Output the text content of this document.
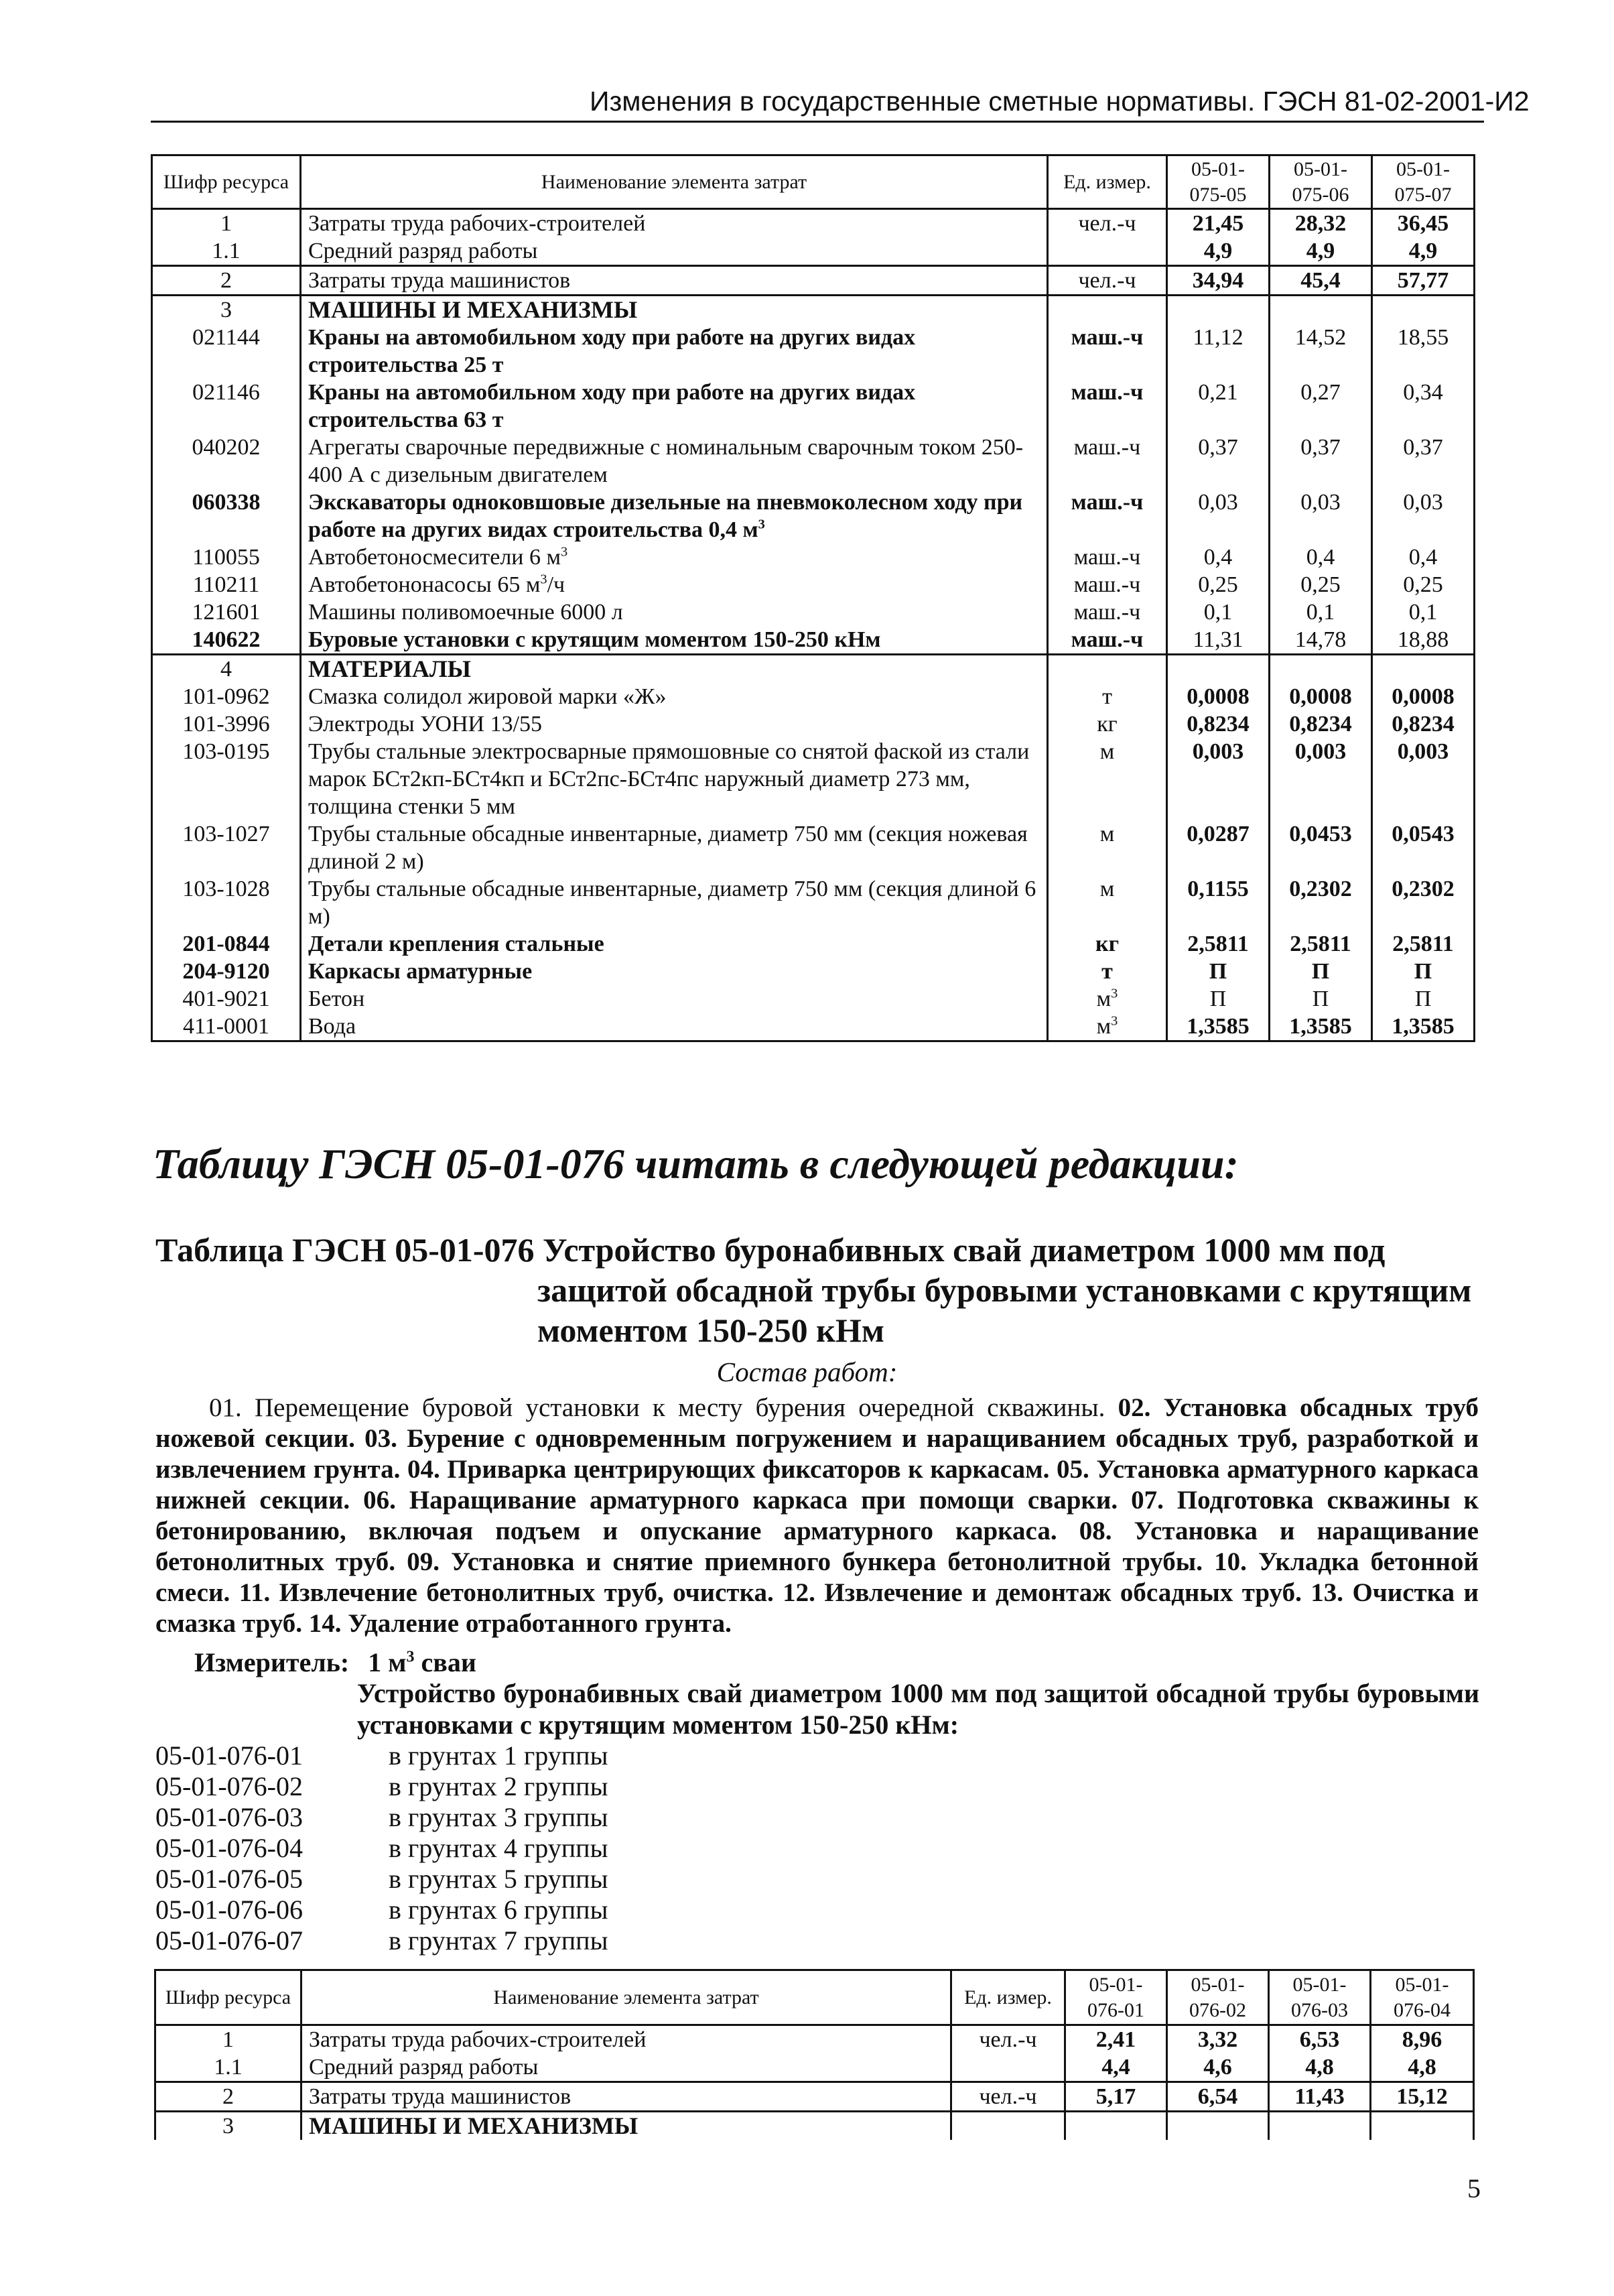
Изменения в государственные сметные нормативы. ГЭСН 81-02-2001-И2
Шифр ресурса	Наименование элемента затрат	Ед. измер.	05-01-075-05	05-01-075-06	05-01-075-07
1	Затраты труда рабочих-строителей	чел.-ч	21,45	28,32	36,45
1.1	Средний разряд работы		4,9	4,9	4,9
2	Затраты труда машинистов	чел.-ч	34,94	45,4	57,77
3	МАШИНЫ И МЕХАНИЗМЫ				
021144	Краны на автомобильном ходу при работе на других видах строительства 25 т	маш.-ч	11,12	14,52	18,55
021146	Краны на автомобильном ходу при работе на других видах строительства 63 т	маш.-ч	0,21	0,27	0,34
040202	Агрегаты сварочные передвижные с номинальным сварочным током 250-400 А с дизельным двигателем	маш.-ч	0,37	0,37	0,37
060338	Экскаваторы одноковшовые дизельные на пневмоколесном ходу при работе на других видах строительства 0,4 $м^3$	маш.-ч	0,03	0,03	0,03
110055	Автобетоносмесители 6 $м^3$	маш.-ч	0,4	0,4	0,4
110211	Автобетононасосы 65 $м^3/ч$	маш.-ч	0,25	0,25	0,25
121601	Машины поливомоечные 6000 л	маш.-ч	0,1	0,1	0,1
140622	Буровые установки с крутящим моментом 150-250 кНм	маш.-ч	11,31	14,78	18,88
4	МАТЕРИАЛЫ				
101-0962	Смазка солидол жировой марки «Ж»	т	0,0008	0,0008	0,0008
101-3996	Электроды УОНИ 13/55	кг	0,8234	0,8234	0,8234
103-0195	Трубы стальные электросварные прямошовные со снятой фаской из стали марок БСт2кп-БСт4кп и БСт2пс-БСт4пс наружный диаметр 273 мм, толщина стенки 5 мм	м	0,003	0,003	0,003
103-1027	Трубы стальные обсадные инвентарные, диаметр 750 мм (секция ножевая длиной 2 м)	м	0,0287	0,0453	0,0543
103-1028	Трубы стальные обсадные инвентарные, диаметр 750 мм (секция длиной 6 м)	м	0,1155	0,2302	0,2302
201-0844	Детали крепления стальные	кг	2,5811	2,5811	2,5811
204-9120	Каркасы арматурные	т	П	П	П
401-9021	Бетон	$м^3$	П	П	П
411-0001	Вода	$м^3$	1,3585	1,3585	1,3585
Таблицу ГЭСН 05-01-076 читать в следующей редакции:
Таблица ГЭСН 05-01-076 Устройство буронабивных свай диаметром 1000 мм под
защитой обсадной трубы буровыми установками с крутящим
моментом 150-250 кНм
Состав работ:
01. Перемещение буровой установки к месту бурения очередной скважины. 02. Установка обсадных труб ножевой секции. 03. Бурение с одновременным погружением и наращиванием обсадных труб, разработкой и извлечением грунта. 04. Приварка центрирующих фиксаторов к каркасам. 05. Установка арматурного каркаса нижней секции. 06. Наращивание арматурного каркаса при помощи сварки. 07. Подготовка скважины к бетонированию, включая подъем и опускание арматурного каркаса. 08. Установка и наращивание бетонолитных труб. 09. Установка и снятие приемного бункера бетонолитной трубы. 10. Укладка бетонной смеси. 11. Извлечение бетонолитных труб, очистка. 12. Извлечение и демонтаж обсадных труб. 13. Очистка и смазка труб. 14. Удаление отработанного грунта.
Измеритель: 1 $м^3$ сваи
Устройство буронабивных свай диаметром 1000 мм под защитой обсадной трубы буровыми установками с крутящим моментом 150-250 кНм:
05-01-076-01	в грунтах 1 группы
05-01-076-02	в грунтах 2 группы
05-01-076-03	в грунтах 3 группы
05-01-076-04	в грунтах 4 группы
05-01-076-05	в грунтах 5 группы
05-01-076-06	в грунтах 6 группы
05-01-076-07	в грунтах 7 группы
Шифр ресурса	Наименование элемента затрат	Ед. измер.	05-01-076-01	05-01-076-02	05-01-076-03	05-01-076-04
1	Затраты труда рабочих-строителей	чел.-ч	2,41	3,32	6,53	8,96
1.1	Средний разряд работы		4,4	4,6	4,8	4,8
2	Затраты труда машинистов	чел.-ч	5,17	6,54	11,43	15,12
3	МАШИНЫ И МЕХАНИЗМЫ					
5
